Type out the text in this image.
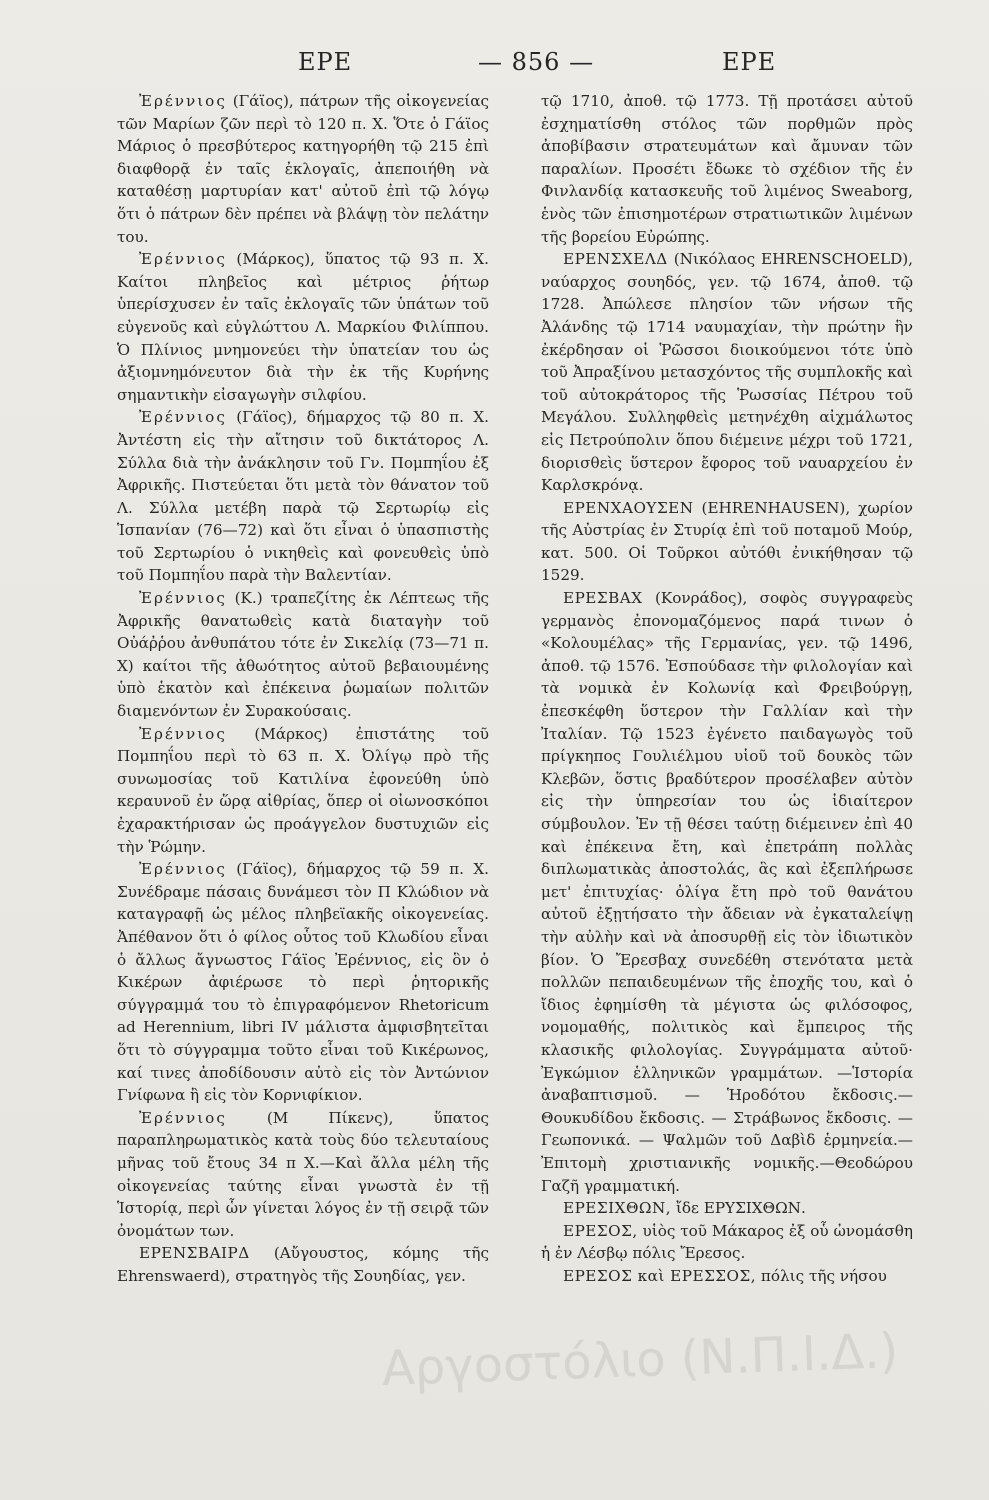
ΕΡΕ	— 856 —	ΕΡΕ

Ἐρέννιος (Γάϊος), πάτρων τῆς οἰκογενείας τῶν Μαρίων ζῶν περὶ τὸ 120 π. Χ. Ὅτε ὁ Γάϊος Μάριος ὁ πρεσβύτερος κατηγορήθη τῷ 215 ἐπὶ διαφθορᾷ ἐν ταῖς ἐκλογαῖς, ἀπεποιήθη νὰ καταθέσῃ μαρτυρίαν κατ' αὐτοῦ ἐπὶ τῷ λόγῳ ὅτι ὁ πάτρων δὲν πρέπει νὰ βλάψῃ τὸν πελάτην του.

Ἐρέννιος (Μάρκος), ὕπατος τῷ 93 π. Χ. Καίτοι πληβεῖος καὶ μέτριος ῥήτωρ ὑπερίσχυσεν ἐν ταῖς ἐκλογαῖς τῶν ὑπάτων τοῦ εὐγενοῦς καὶ εὐγλώττου Λ. Μαρκίου Φιλίππου. Ὁ Πλίνιος μνημονεύει τὴν ὑπατείαν του ὡς ἀξιομνημόνευτον διὰ τὴν ἐκ τῆς Κυρήνης σημαντικὴν εἰσαγωγὴν σιλφίου.

Ἐρέννιος (Γάϊος), δήμαρχος τῷ 80 π. Χ. Ἀντέστη εἰς τὴν αἴτησιν τοῦ δικτάτορος Λ. Σύλλα διὰ τὴν ἀνάκλησιν τοῦ Γν. Πομπηΐου ἐξ Ἀφρικῆς. Πιστεύεται ὅτι μετὰ τὸν θάνατον τοῦ Λ. Σύλλα μετέβη παρὰ τῷ Σερτωρίῳ εἰς Ἱσπανίαν (76—72) καὶ ὅτι εἶναι ὁ ὑπασπιστὴς τοῦ Σερτωρίου ὁ νικηθεὶς καὶ φονευθεὶς ὑπὸ τοῦ Πομπηΐου παρὰ τὴν Βαλεντίαν.

Ἐρέννιος (Κ.) τραπεζίτης ἐκ Λέπτεως τῆς Ἀφρικῆς θανατωθεὶς κατὰ διαταγὴν τοῦ Οὐάῤῥου ἀνθυπάτου τότε ἐν Σικελίᾳ (73—71 π. Χ) καίτοι τῆς ἀθωότητος αὐτοῦ βεβαιουμένης ὑπὸ ἑκατὸν καὶ ἐπέκεινα ῥωμαίων πολιτῶν διαμενόντων ἐν Συρακούσαις.

Ἐρέννιος (Μάρκος) ἐπιστάτης τοῦ Πομπηΐου περὶ τὸ 63 π. Χ. Ὀλίγῳ πρὸ τῆς συνωμοσίας τοῦ Κατιλίνα ἐφονεύθη ὑπὸ κεραυνοῦ ἐν ὥρᾳ αἰθρίας, ὅπερ οἱ οἰωνοσκόποι ἐχαρακτήρισαν ὡς προάγγελον δυστυχιῶν εἰς τὴν Ῥώμην.

Ἐρέννιος (Γάϊος), δήμαρχος τῷ 59 π. Χ. Συνέδραμε πάσαις δυνάμεσι τὸν Π Κλώδιον νὰ καταγραφῇ ὡς μέλος πληβεϊακῆς οἰκογενείας. Ἀπέθανον ὅτι ὁ φίλος οὗτος τοῦ Κλωδίου εἶναι ὁ ἄλλως ἄγνωστος Γάϊος Ἐρέννιος, εἰς ὃν ὁ Κικέρων ἀφιέρωσε τὸ περὶ ῥητορικῆς σύγγραμμά του τὸ ἐπιγραφόμενον Rhetoricum ad Herennium, libri IV μάλιστα ἀμφισβητεῖται ὅτι τὸ σύγγραμμα τοῦτο εἶναι τοῦ Κικέρωνος, καί τινες ἀποδίδουσιν αὐτὸ εἰς τὸν Ἀντώνιον Γνίφωνα ἢ εἰς τὸν Κορνιφίκιον.

Ἐρέννιος	(Μ Πίκενς), ὕπατος παραπληρωματικὸς κατὰ τοὺς δύο τελευταίους μῆνας τοῦ ἔτους 34 π Χ.—Καὶ ἄλλα μέλη τῆς οἰκογενείας ταύτης εἶναι γνωστὰ ἐν τῇ Ἱστορίᾳ, περὶ ὧν γίνεται λόγος ἐν τῇ σειρᾷ τῶν ὀνομάτων των.

ΕΡΕΝΣΒΑΙΡΔ (Αὔγουστος, κόμης τῆς Ehrenswaerd), στρατηγὸς τῆς Σουηδίας, γεν.

τῷ 1710, ἀποθ. τῷ 1773. Τῇ προτάσει αὐτοῦ ἐσχηματίσθη στόλος τῶν πορθμῶν πρὸς ἀποβίβασιν στρατευμάτων καὶ ἄμυναν τῶν παραλίων. Προσέτι ἔδωκε τὸ σχέδιον τῆς ἐν Φινλανδίᾳ κατασκευῆς τοῦ λιμένος Sweaborg, ἑνὸς τῶν ἐπισημοτέρων στρατιωτικῶν λιμένων τῆς βορείου Εὐρώπης.

ΕΡΕΝΣΧΕΛΔ (Νικόλαος EHRENSCHOELD), ναύαρχος σουηδός, γεν. τῷ 1674, ἀποθ. τῷ 1728. Ἀπώλεσε πλησίον τῶν νήσων τῆς Ἀλάνδης τῷ 1714 ναυμαχίαν, τὴν πρώτην ἣν ἐκέρδησαν οἱ Ῥῶσσοι διοικούμενοι τότε ὑπὸ τοῦ Ἀπραξίνου μετασχόντος τῆς συμπλοκῆς καὶ τοῦ αὐτοκράτορος τῆς Ῥωσσίας Πέτρου τοῦ Μεγάλου. Συλληφθεὶς μετηνέχθη αἰχμάλωτος εἰς Πετρούπολιν ὅπου διέμεινε μέχρι τοῦ 1721, διορισθεὶς ὕστερον ἔφορος τοῦ ναυαρχείου ἐν Καρλσκρόνᾳ.

ΕΡΕΝΧΑΟΥΣΕΝ (EHRENHAUSEN), χωρίον τῆς Αὐστρίας ἐν Στυρίᾳ ἐπὶ τοῦ ποταμοῦ Μούρ, κατ. 500. Οἱ Τοῦρκοι αὐτόθι ἐνικήθησαν τῷ 1529.

ΕΡΕΣΒΑΧ (Κονράδος), σοφὸς συγγραφεὺς γερμανὸς ἐπονομαζόμενος παρά τινων ὁ «Κολουμέλας» τῆς Γερμανίας, γεν. τῷ 1496, ἀποθ. τῷ 1576. Ἐσπούδασε τὴν φιλολογίαν καὶ τὰ νομικὰ ἐν Κολωνίᾳ καὶ Φρειβούργῃ, ἐπεσκέφθη ὕστερον τὴν Γαλλίαν καὶ τὴν Ἰταλίαν. Τῷ 1523 ἐγένετο παιδαγωγὸς τοῦ πρίγκηπος Γουλιέλμου υἱοῦ τοῦ δουκὸς τῶν Κλεβῶν, ὅστις βραδύτερον προσέλαβεν αὐτὸν εἰς τὴν ὑπηρεσίαν του ὡς ἰδιαίτερον σύμβουλον. Ἐν τῇ θέσει ταύτῃ διέμεινεν ἐπὶ 40 καὶ ἐπέκεινα ἔτη, καὶ ἐπετράπη πολλὰς διπλωματικὰς ἀποστολάς, ἃς καὶ ἐξεπλήρωσε μετ' ἐπιτυχίας· ὀλίγα ἔτη πρὸ τοῦ θανάτου αὐτοῦ ἐξῃτήσατο τὴν ἄδειαν νὰ ἐγκαταλείψῃ τὴν αὐλὴν καὶ νὰ ἀποσυρθῇ εἰς τὸν ἰδιωτικὸν βίον. Ὁ Ἔρεσβαχ συνεδέθη στενότατα μετὰ πολλῶν πεπαιδευμένων τῆς ἐποχῆς του, καὶ ὁ ἴδιος ἐφημίσθη τὰ μέγιστα ὡς φιλόσοφος, νομομαθής, πολιτικὸς καὶ ἔμπειρος τῆς κλασικῆς φιλολογίας. Συγγράμματα αὐτοῦ· Ἐγκώμιον ἑλληνικῶν γραμμάτων. —Ἱστορία ἀναβαπτισμοῦ. — Ἡροδότου ἔκδοσις.— Θουκυδίδου ἔκδοσις. — Στράβωνος ἔκδοσις. —Γεωπονικά. — Ψαλμῶν τοῦ Δαβὶδ ἑρμηνεία.—Ἐπιτομὴ χριστιανικῆς νομικῆς.—Θεοδώρου Γαζῆ γραμματική.

ΕΡΕΣΙΧΘΩΝ, ἴδε ΕΡΥΣΙΧΘΩΝ.

ΕΡΕΣΟΣ, υἱὸς τοῦ Μάκαρος ἐξ οὗ ὠνομάσθη ἡ ἐν Λέσβῳ πόλις Ἔρεσος.

ΕΡΕΣΟΣ καὶ ΕΡΕΣΣΟΣ, πόλις τῆς νήσου

Αργοστόλιο (Ν.Π.Ι.Δ.)
